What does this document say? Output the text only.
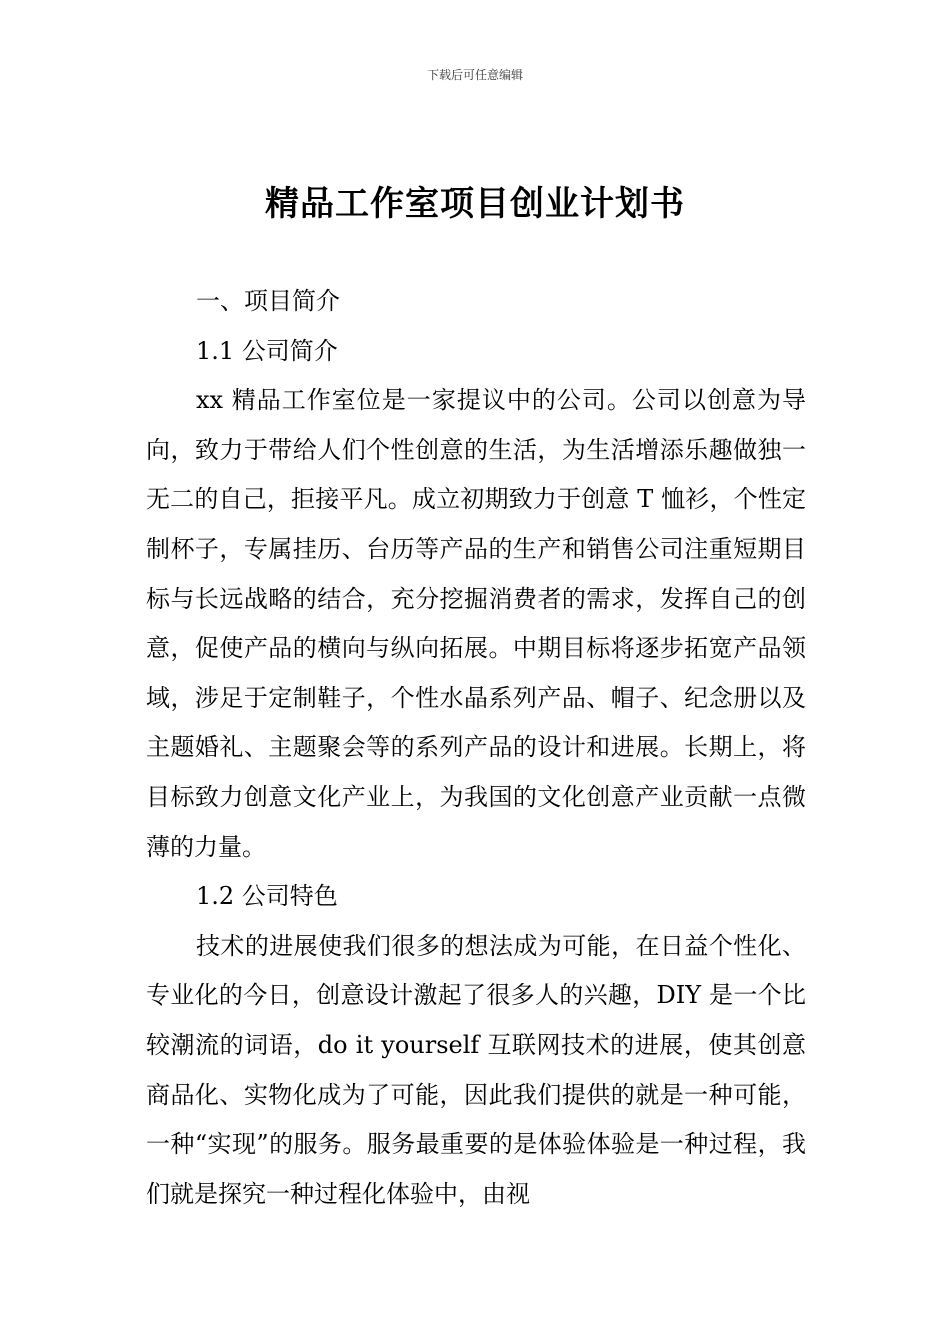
下载后可任意编辑
精品工作室项目创业计划书

一、项目简介

1.1 公司简介

xx 精品工作室位是一家提议中的公司。公司以创意为导向，致力于带给人们个性创意的生活，为生活增添乐趣做独一无二的自己，拒接平凡。成立初期致力于创意 T 恤衫，个性定制杯子，专属挂历、台历等产品的生产和销售公司注重短期目标与长远战略的结合，充分挖掘消费者的需求，发挥自己的创意，促使产品的横向与纵向拓展。中期目标将逐步拓宽产品领域，涉足于定制鞋子，个性水晶系列产品、帽子、纪念册以及主题婚礼、主题聚会等的系列产品的设计和进展。长期上，将目标致力创意文化产业上，为我国的文化创意产业贡献一点微薄的力量。

1.2 公司特色

技术的进展使我们很多的想法成为可能，在日益个性化、专业化的今日，创意设计激起了很多人的兴趣，DIY 是一个比较潮流的词语，do it yourself 互联网技术的进展，使其创意商品化、实物化成为了可能，因此我们提供的就是一种可能，一种“实现”的服务。服务最重要的是体验体验是一种过程，我们就是探究一种过程化体验中，由视
